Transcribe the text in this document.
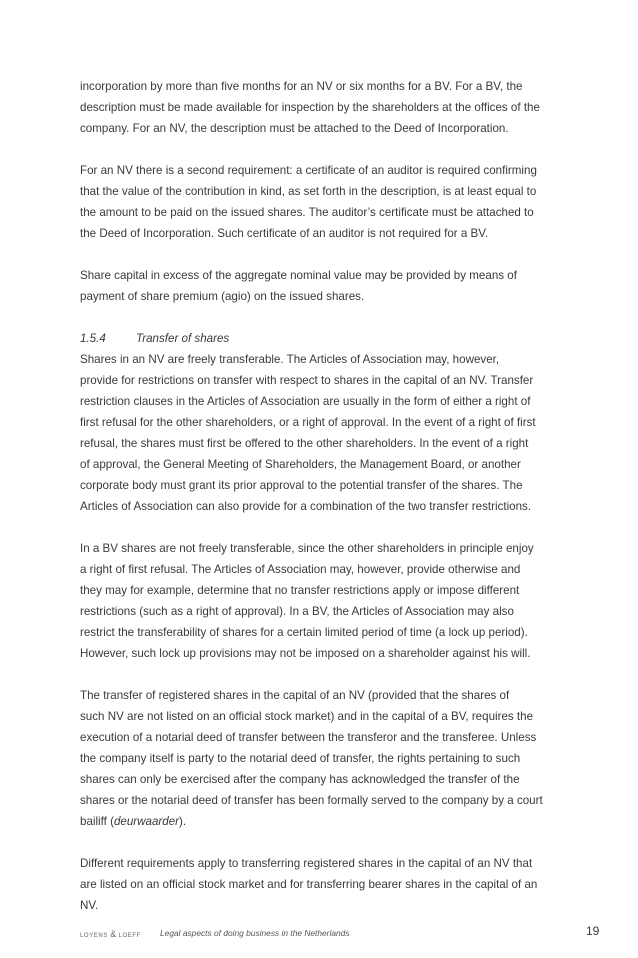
incorporation by more than five months for an NV or six months for a BV. For a BV, the
description must be made available for inspection by the shareholders at the offices of the
company. For an NV, the description must be attached to the Deed of Incorporation.

For an NV there is a second requirement: a certificate of an auditor is required confirming
that the value of the contribution in kind, as set forth in the description, is at least equal to
the amount to be paid on the issued shares. The auditor’s certificate must be attached to
the Deed of Incorporation. Such certificate of an auditor is not required for a BV.

Share capital in excess of the aggregate nominal value may be provided by means of
payment of share premium (agio) on the issued shares.

1.5.4	Transfer of shares
Shares in an NV are freely transferable. The Articles of Association may, however,
provide for restrictions on transfer with respect to shares in the capital of an NV. Transfer
restriction clauses in the Articles of Association are usually in the form of either a right of
first refusal for the other shareholders, or a right of approval. In the event of a right of first
refusal, the shares must first be offered to the other shareholders. In the event of a right
of approval, the General Meeting of Shareholders, the Management Board, or another
corporate body must grant its prior approval to the potential transfer of the shares. The
Articles of Association can also provide for a combination of the two transfer restrictions.

In a BV shares are not freely transferable, since the other shareholders in principle enjoy
a right of first refusal. The Articles of Association may, however, provide otherwise and
they may for example, determine that no transfer restrictions apply or impose different
restrictions (such as a right of approval). In a BV, the Articles of Association may also
restrict the transferability of shares for a certain limited period of time (a lock up period).
However, such lock up provisions may not be imposed on a shareholder against his will.

The transfer of registered shares in the capital of an NV (provided that the shares of
such NV are not listed on an official stock market) and in the capital of a BV, requires the
execution of a notarial deed of transfer between the transferor and the transferee. Unless
the company itself is party to the notarial deed of transfer, the rights pertaining to such
shares can only be exercised after the company has acknowledged the transfer of the
shares or the notarial deed of transfer has been formally served to the company by a court
bailiff (deurwaarder).

Different requirements apply to transferring registered shares in the capital of an NV that
are listed on an official stock market and for transferring bearer shares in the capital of an
NV.

LOYENS & LOEFF Legal aspects of doing business in the Netherlands	19
